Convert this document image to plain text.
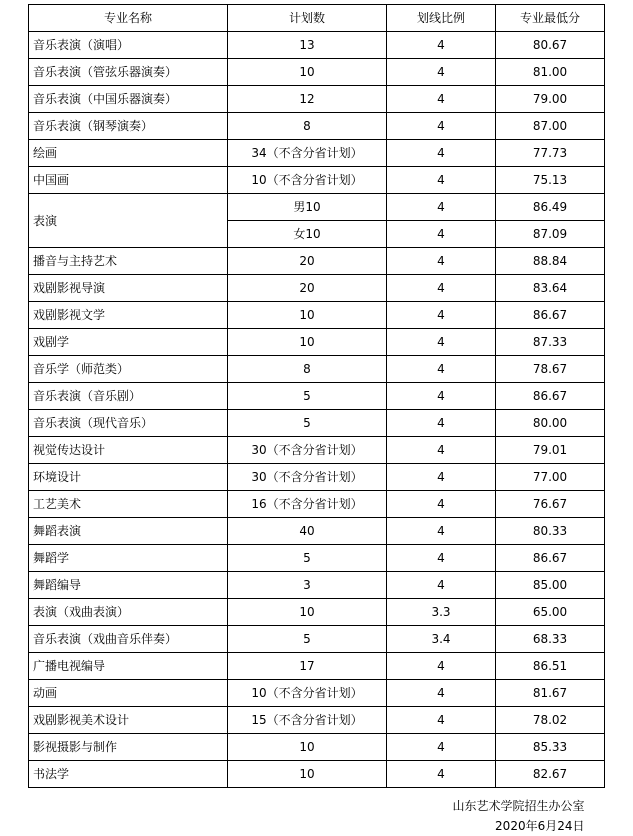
专业名称	计划数	划线比例	专业最低分
音乐表演（演唱）	13	4	80.67
音乐表演（管弦乐器演奏）	10	4	81.00
音乐表演（中国乐器演奏）	12	4	79.00
音乐表演（钢琴演奏）	8	4	87.00
绘画	34（不含分省计划）	4	77.73
中国画	10（不含分省计划）	4	75.13
表演	男10	4	86.49
	女10	4	87.09
播音与主持艺术	20	4	88.84
戏剧影视导演	20	4	83.64
戏剧影视文学	10	4	86.67
戏剧学	10	4	87.33
音乐学（师范类）	8	4	78.67
音乐表演（音乐剧）	5	4	86.67
音乐表演（现代音乐）	5	4	80.00
视觉传达设计	30（不含分省计划）	4	79.01
环境设计	30（不含分省计划）	4	77.00
工艺美术	16（不含分省计划）	4	76.67
舞蹈表演	40	4	80.33
舞蹈学	5	4	86.67
舞蹈编导	3	4	85.00
表演（戏曲表演）	10	3.3	65.00
音乐表演（戏曲音乐伴奏）	5	3.4	68.33
广播电视编导	17	4	86.51
动画	10（不含分省计划）	4	81.67
戏剧影视美术设计	15（不含分省计划）	4	78.02
影视摄影与制作	10	4	85.33
书法学	10	4	82.67
山东艺术学院招生办公室
2020年6月24日
